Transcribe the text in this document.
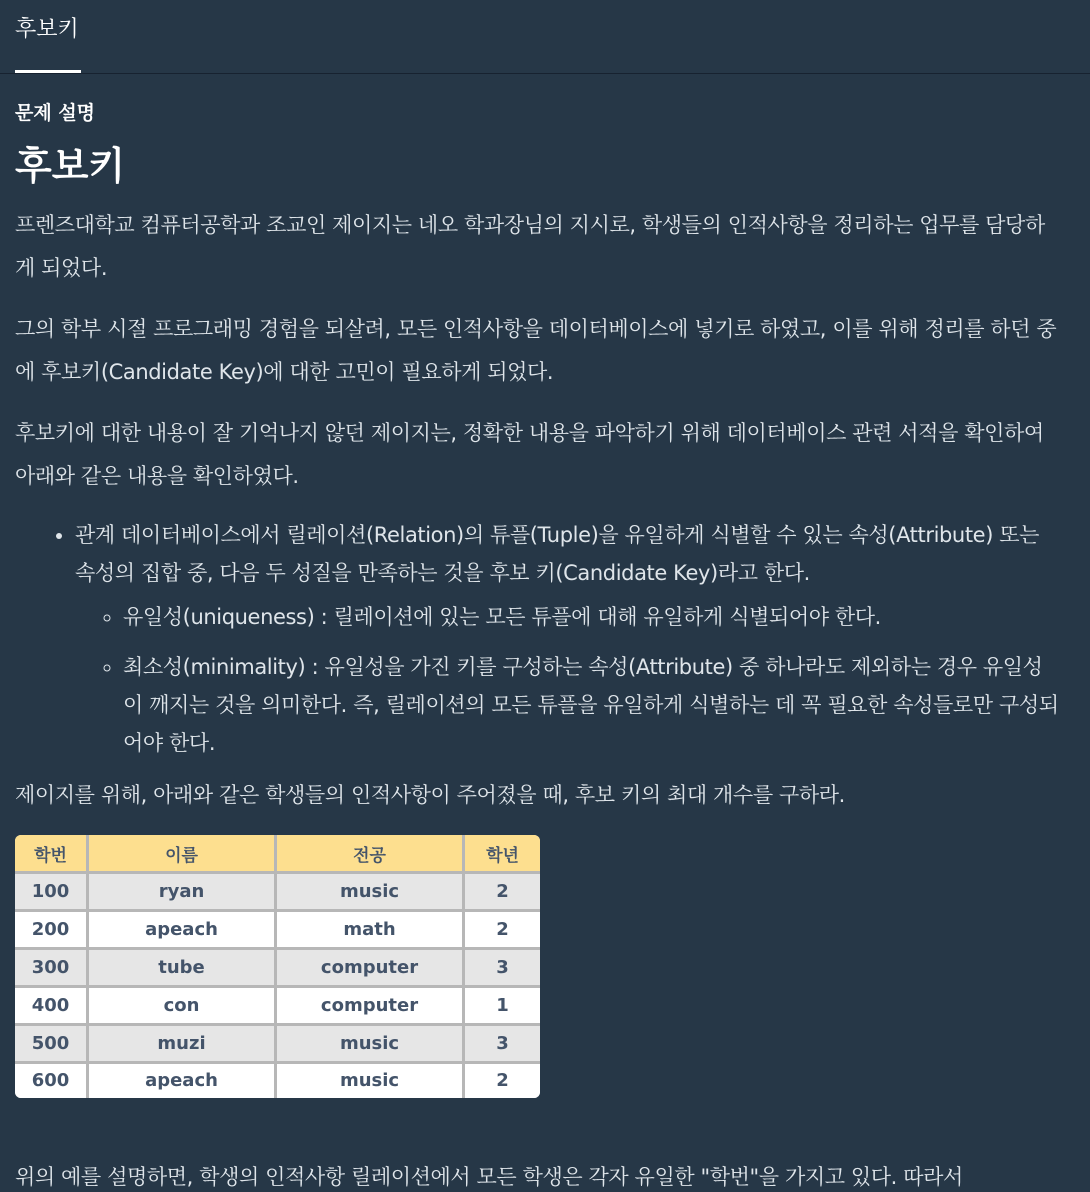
후보키
문제 설명
후보키

프렌즈대학교 컴퓨터공학과 조교인 제이지는 네오 학과장님의 지시로, 학생들의 인적사항을 정리하는 업무를 담당하게 되었다.

그의 학부 시절 프로그래밍 경험을 되살려, 모든 인적사항을 데이터베이스에 넣기로 하였고, 이를 위해 정리를 하던 중에 후보키(Candidate Key)에 대한 고민이 필요하게 되었다.

후보키에 대한 내용이 잘 기억나지 않던 제이지는, 정확한 내용을 파악하기 위해 데이터베이스 관련 서적을 확인하여 아래와 같은 내용을 확인하였다.

• 관계 데이터베이스에서 릴레이션(Relation)의 튜플(Tuple)을 유일하게 식별할 수 있는 속성(Attribute) 또는 속성의 집합 중, 다음 두 성질을 만족하는 것을 후보 키(Candidate Key)라고 한다.
◦ 유일성(uniqueness) : 릴레이션에 있는 모든 튜플에 대해 유일하게 식별되어야 한다.
◦ 최소성(minimality) : 유일성을 가진 키를 구성하는 속성(Attribute) 중 하나라도 제외하는 경우 유일성이 깨지는 것을 의미한다. 즉, 릴레이션의 모든 튜플을 유일하게 식별하는 데 꼭 필요한 속성들로만 구성되어야 한다.

제이지를 위해, 아래와 같은 학생들의 인적사항이 주어졌을 때, 후보 키의 최대 개수를 구하라.

학번	이름	전공	학년
100	ryan	music	2
200	apeach	math	2
300	tube	computer	3
400	con	computer	1
500	muzi	music	3
600	apeach	music	2
위의 예를 설명하면, 학생의 인적사항 릴레이션에서 모든 학생은 각자 유일한 "학번"을 가지고 있다. 따라서
